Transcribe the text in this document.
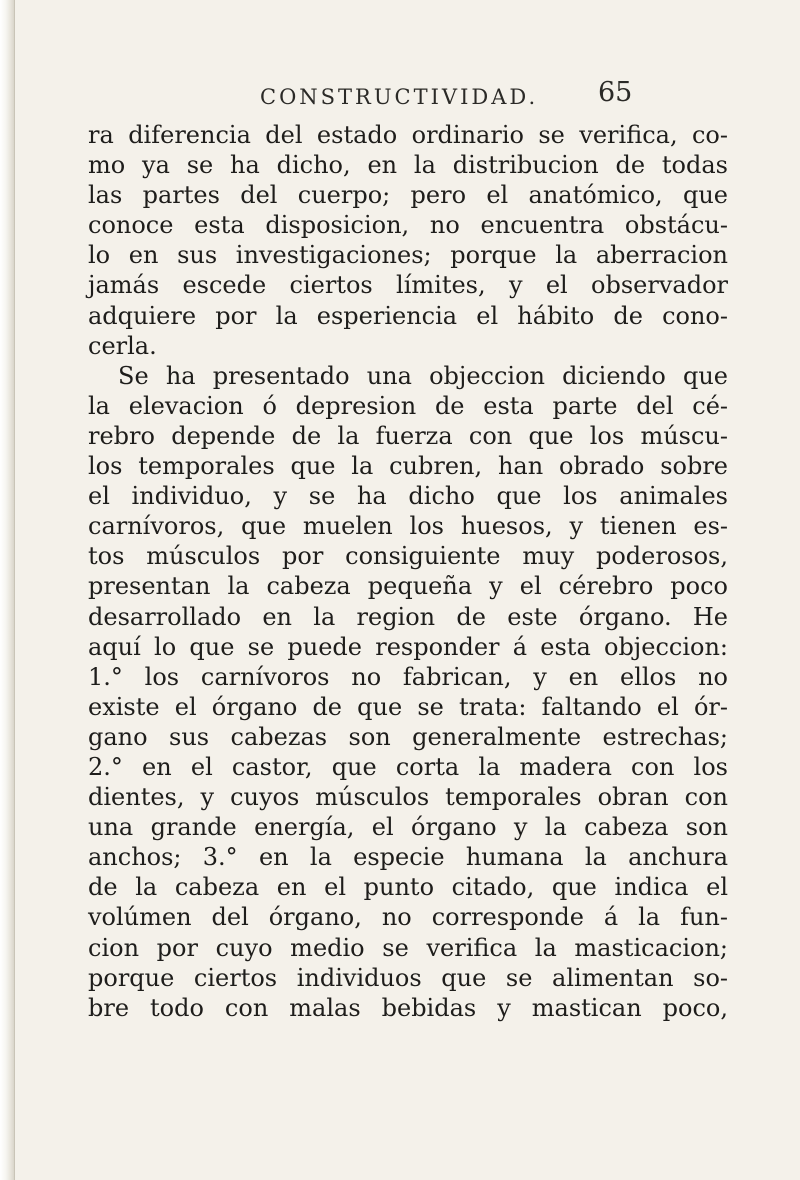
CONSTRUCTIVIDAD. 65
ra diferencia del estado ordinario se verifica, co-
mo ya se ha dicho, en la distribucion de todas
las partes del cuerpo; pero el anatómico, que
conoce esta disposicion, no encuentra obstácu-
lo en sus investigaciones; porque la aberracion
jamás escede ciertos límites, y el observador
adquiere por la esperiencia el hábito de cono-
cerla.
Se ha presentado una objeccion diciendo que
la elevacion ó depresion de esta parte del cé-
rebro depende de la fuerza con que los múscu-
los temporales que la cubren, han obrado sobre
el individuo, y se ha dicho que los animales
carnívoros, que muelen los huesos, y tienen es-
tos músculos por consiguiente muy poderosos,
presentan la cabeza pequeña y el cérebro poco
desarrollado en la region de este órgano. He
aquí lo que se puede responder á esta objeccion:
1.° los carnívoros no fabrican, y en ellos no
existe el órgano de que se trata: faltando el ór-
gano sus cabezas son generalmente estrechas;
2.° en el castor, que corta la madera con los
dientes, y cuyos músculos temporales obran con
una grande energía, el órgano y la cabeza son
anchos; 3.° en la especie humana la anchura
de la cabeza en el punto citado, que indica el
volúmen del órgano, no corresponde á la fun-
cion por cuyo medio se verifica la masticacion;
porque ciertos individuos que se alimentan so-
bre todo con malas bebidas y mastican poco,
